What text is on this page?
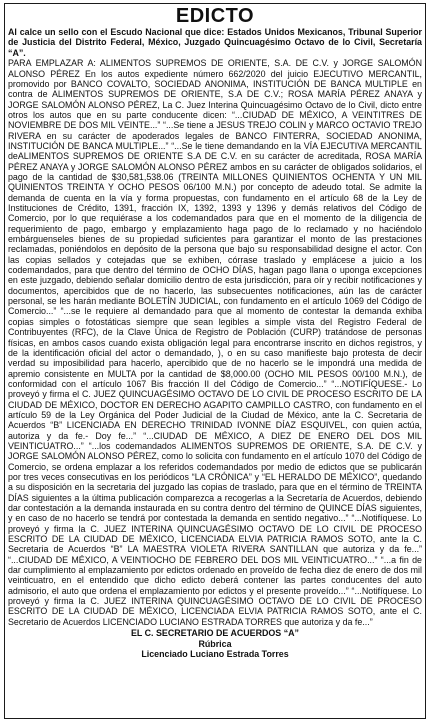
EDICTO

Al calce un sello con el Escudo Nacional que dice: Estados Unidos Mexicanos, Tribunal Superior de Justicia del Distrito Federal, México, Juzgado Quincuagésimo Octavo de lo Civil, Secretaría “A”.

PARA EMPLAZAR A: ALIMENTOS SUPREMOS DE ORIENTE, S.A. DE C.V. y JORGE SALOMÓN ALONSO PÉREZ En los autos expediente número 662/2020 del juicio EJECUTIVO MERCANTIL, promovido por BANCO COVALTO, SOCIEDAD ANONIMA, INSTITUCIÓN DE BANCA MULTIPLE en contra de ALIMENTOS SUPREMOS DE ORIENTE, S.A DE C.V.; ROSA MARÍA PÉREZ ANAYA y JORGE SALOMÓN ALONSO PÉREZ, La C. Juez Interina Quincuagésimo Octavo de lo Civil, dicto entre otros los autos que en su parte conducente dicen: “...CIUDAD DE MÉXICO, A VEINTITRES DE NOVIEMBRE DE DOS MIL VEINTE...” “...Se tiene a JESUS TREJO COLIN y MARCO OCTAVIO TREJO RIVERA en su carácter de apoderados legales de BANCO FINTERRA, SOCIEDAD ANONIMA, INSTITUCIÓN DE BANCA MULTIPLE...” “...Se le tiene demandando en la VÍA EJECUTIVA MERCANTIL deALIMENTOS SUPREMOS DE ORIENTE S.A DE C.V. en su carácter de acreditada, ROSA MARÍA PÉREZ ANAYA y JORGE SALOMÓN ALONSO PÉREZ ambos en su carácter de obligados solidarios, el pago de la cantidad de $30,581,538.06 (TREINTA MILLONES QUINIENTOS OCHENTA Y UN MIL QUINIENTOS TREINTA Y OCHO PESOS 06/100 M.N.) por concepto de adeudo total. Se admite la demanda de cuenta en la vía y forma propuestas, con fundamento en el artículo 68 de la Ley de Instituciones de Crédito, 1391, fracción IX, 1392, 1393 y 1396 y demás relativos del Código de Comercio, por lo que requiérase a los codemandados para que en el momento de la diligencia de requerimiento de pago, embargo y emplazamiento haga pago de lo reclamado y no haciéndolo embárguenseles bienes de su propiedad suficientes para garantizar el monto de las prestaciones reclamadas, poniéndolos en depósito de la persona que bajo su responsabilidad designe el actor. Con las copias sellados y cotejadas que se exhiben, córrase traslado y emplácese a juicio a los codemandados, para que dentro del término de OCHO DÍAS, hagan pago llana o uponga excepciones en este juzgado, debiendo señalar domicilio dentro de esta jurisdicción, para oír y recibir notificaciones y documentos, apercibidos que de no hacerlo, las subsecuentes notificaciones, aún las de carácter personal, se les harán mediante BOLETÍN JUDICIAL, con fundamento en el artículo 1069 del Código de Comercio...” “...se le requiere al demandado para que al momento de contestar la demanda exhiba copias simples o fotostáticas siempre que sean legibles a simple vista del Registro Federal de Contribuyentes (RFC), de la Clave Única de Registro de Población (CURP) tratándose de personas físicas, en ambos casos cuando exista obligación legal para encontrarse inscrito en dichos registros, y de la identificación oficial del actor o demandado, ), o en su caso manifieste bajo protesta de decir verdad su imposibilidad para hacerlo, apercibido que de no hacerlo se le impondrá una medida de apremio consistente en MULTA por la cantidad de $8,000.00 (OCHO MIL PESOS 00/100 M.N.), de conformidad con el artículo 1067 Bis fracción II del Código de Comercio...” “...NOTIFÍQUESE.- Lo proveyó y firma el C. JUEZ QUINCUAGÉSIMO OCTAVO DE LO CIVIL DE PROCESO ESCRITO DE LA CIUDAD DE MÉXICO, DOCTOR EN DERECHO AGAPITO CAMPILLO CASTRO, con fundamento en el artículo 59 de la Ley Orgánica del Poder Judicial de la Ciudad de México, ante la C. Secretaria de Acuerdos “B” LICENCIADA EN DERECHO TRINIDAD IVONNE DÍAZ ESQUIVEL, con quien actúa, autoriza y da fe.- Doy fe...” “...CIUDAD DE MÉXICO, A DIEZ DE ENERO DEL DOS MIL VEINTICUATRO...” “...los codemandados ALIMENTOS SUPREMOS DE ORIENTE, S.A. DE C.V. y JORGE SALOMÓN ALONSO PÉREZ, como lo solicita con fundamento en el artículo 1070 del Código de Comercio, se ordena emplazar a los referidos codemandados por medio de edictos que se publicarán por tres veces consecutivas en los periódicos “LA CRÓNICA” y “EL HERALDO DE MÉXICO”, quedando a su disposición en la secretaria del juzgado las copias de traslado, para que en el término de TREINTA DÍAS siguientes a la última publicación comparezca a recogerlas a la Secretaría de Acuerdos, debiendo dar contestación a la demanda instaurada en su contra dentro del término de QUINCE DÍAS siguientes, y en caso de no hacerlo se tendrá por contestada la demanda en sentido negativo...” “...Notifíquese. Lo proveyó y firma la C. JUEZ INTERINA QUINCUAGÉSIMO OCTAVO DE LO CIVIL DE PROCESO ESCRITO DE LA CIUDAD DE MÉXICO, LICENCIADA ELVIA PATRICIA RAMOS SOTO, ante la C. Secretaria de Acuerdos “B” LA MAESTRA VIOLETA RIVERA SANTILLAN que autoriza y da fe...” “...CIUDAD DE MÉXICO, A VEINTIOCHO DE FEBRERO DEL DOS MIL VEINTICUATRO...” “...a fin de dar cumplimiento al emplazamiento por edictos ordenado en proveído de fecha diez de enero de dos mil veinticuatro, en el entendido que dicho edicto deberá contener las partes conducentes del auto admisorio, el auto que ordena el emplazamiento por edictos y el presente proveído...” “...Notifíquese. Lo proveyó y firma la C. JUEZ INTERINA QUINCUAGÉSIMO OCTAVO DE LO CIVIL DE PROCESO ESCRITO DE LA CIUDAD DE MÉXICO, LICENCIADA ELVIA PATRICIA RAMOS SOTO, ante el C. Secretario de Acuerdos LICENCIADO LUCIANO ESTRADA TORRES que autoriza y da fe...”

EL C. SECRETARIO DE ACUERDOS “A”
Rúbrica
Licenciado Luciano Estrada Torres
